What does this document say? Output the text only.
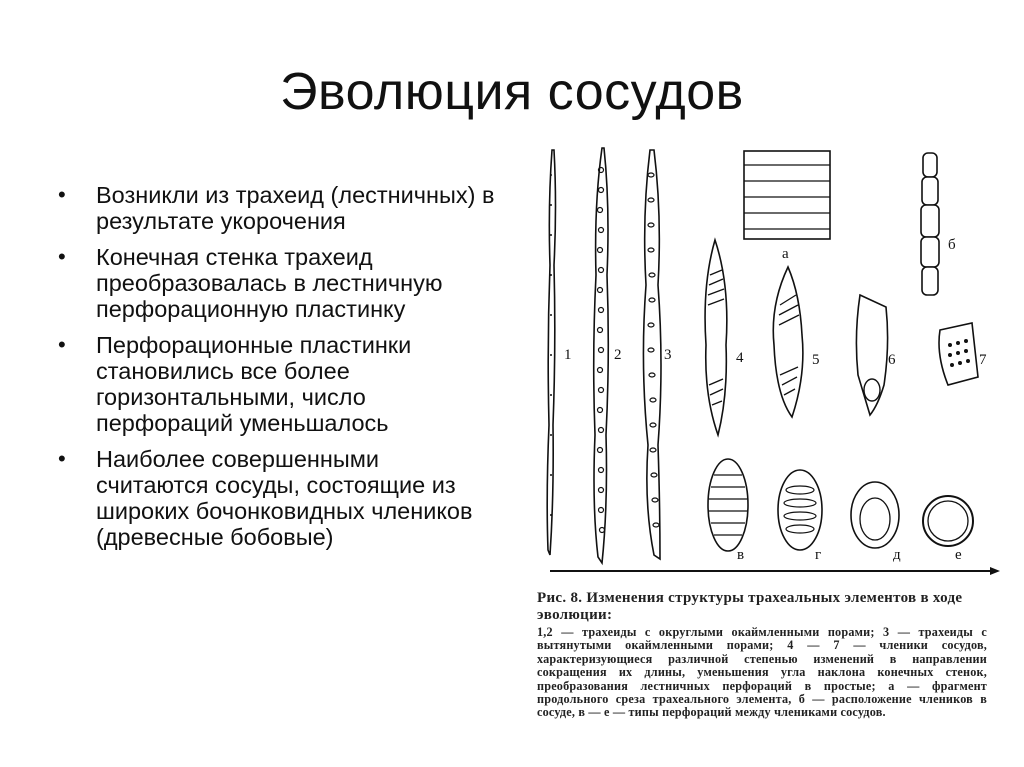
Эволюция сосудов
• Возникли из трахеид (лестничных) в результате укорочения
• Конечная стенка трахеид преобразовалась в лестничную перфорационную пластинку
• Перфорационные пластинки становились все более горизонтальными, число перфораций уменьшалось
• Наиболее совершенными считаются сосуды, состоящие из широких бочонковидных члеников (древесные бобовые)
1	2	3	4	5	6	7
а
б
в	г	д	е
Рис. 8. Изменения структуры трахеальных элементов в ходе эволюции:
1,2 — трахеиды с округлыми окаймленными порами; 3 — трахеиды с вытянутыми окаймленными порами; 4 — 7 — членики сосудов, характеризующиеся различной степенью изменений в направлении сокращения их длины, уменьшения угла наклона конечных стенок, преобразования лестничных перфораций в простые; а — фрагмент продольного среза трахеального элемента, б — расположение члеников в сосуде, в — е — типы перфораций между члениками сосудов.
